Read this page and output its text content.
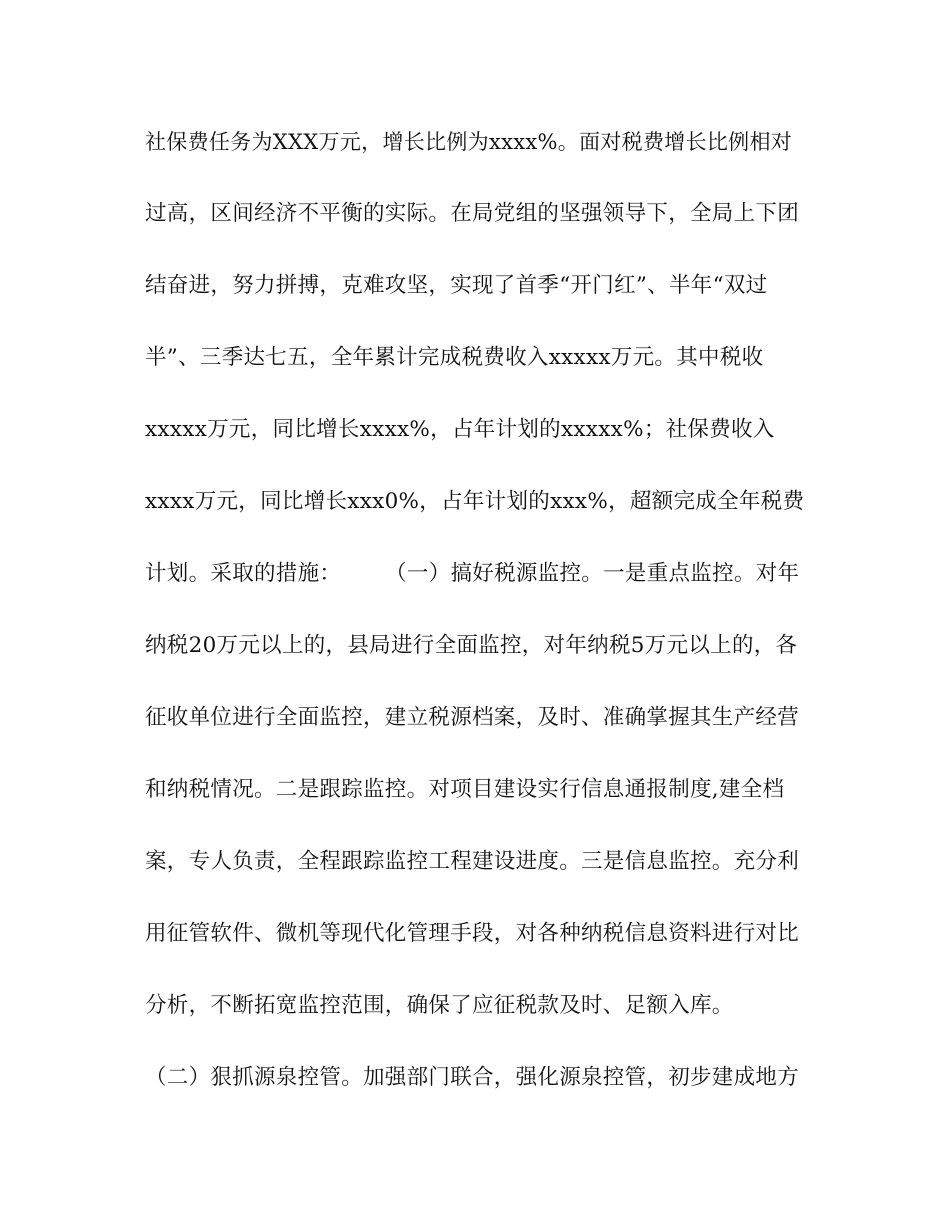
社保费任务为XXX万元，增长比例为xxxx%。面对税费增长比例相对
过高，区间经济不平衡的实际。在局党组的坚强领导下，全局上下团
结奋进，努力拼搏，克难攻坚，实现了首季“开门红”、半年“双过
半”、三季达七五，全年累计完成税费收入xxxxx万元。其中税收
xxxxx万元，同比增长xxxx%，占年计划的xxxxx%；社保费收入
xxxx万元，同比增长xxx0%，占年计划的xxx%，超额完成全年税费
计划。采取的措施：　　　（一）搞好税源监控。一是重点监控。对年
纳税20万元以上的，县局进行全面监控，对年纳税5万元以上的，各
征收单位进行全面监控，建立税源档案，及时、准确掌握其生产经营
和纳税情况。二是跟踪监控。对项目建设实行信息通报制度,建全档
案，专人负责，全程跟踪监控工程建设进度。三是信息监控。充分利
用征管软件、微机等现代化管理手段，对各种纳税信息资料进行对比
分析，不断拓宽监控范围，确保了应征税款及时、足额入库。
（二）狠抓源泉控管。加强部门联合，强化源泉控管，初步建成地方
